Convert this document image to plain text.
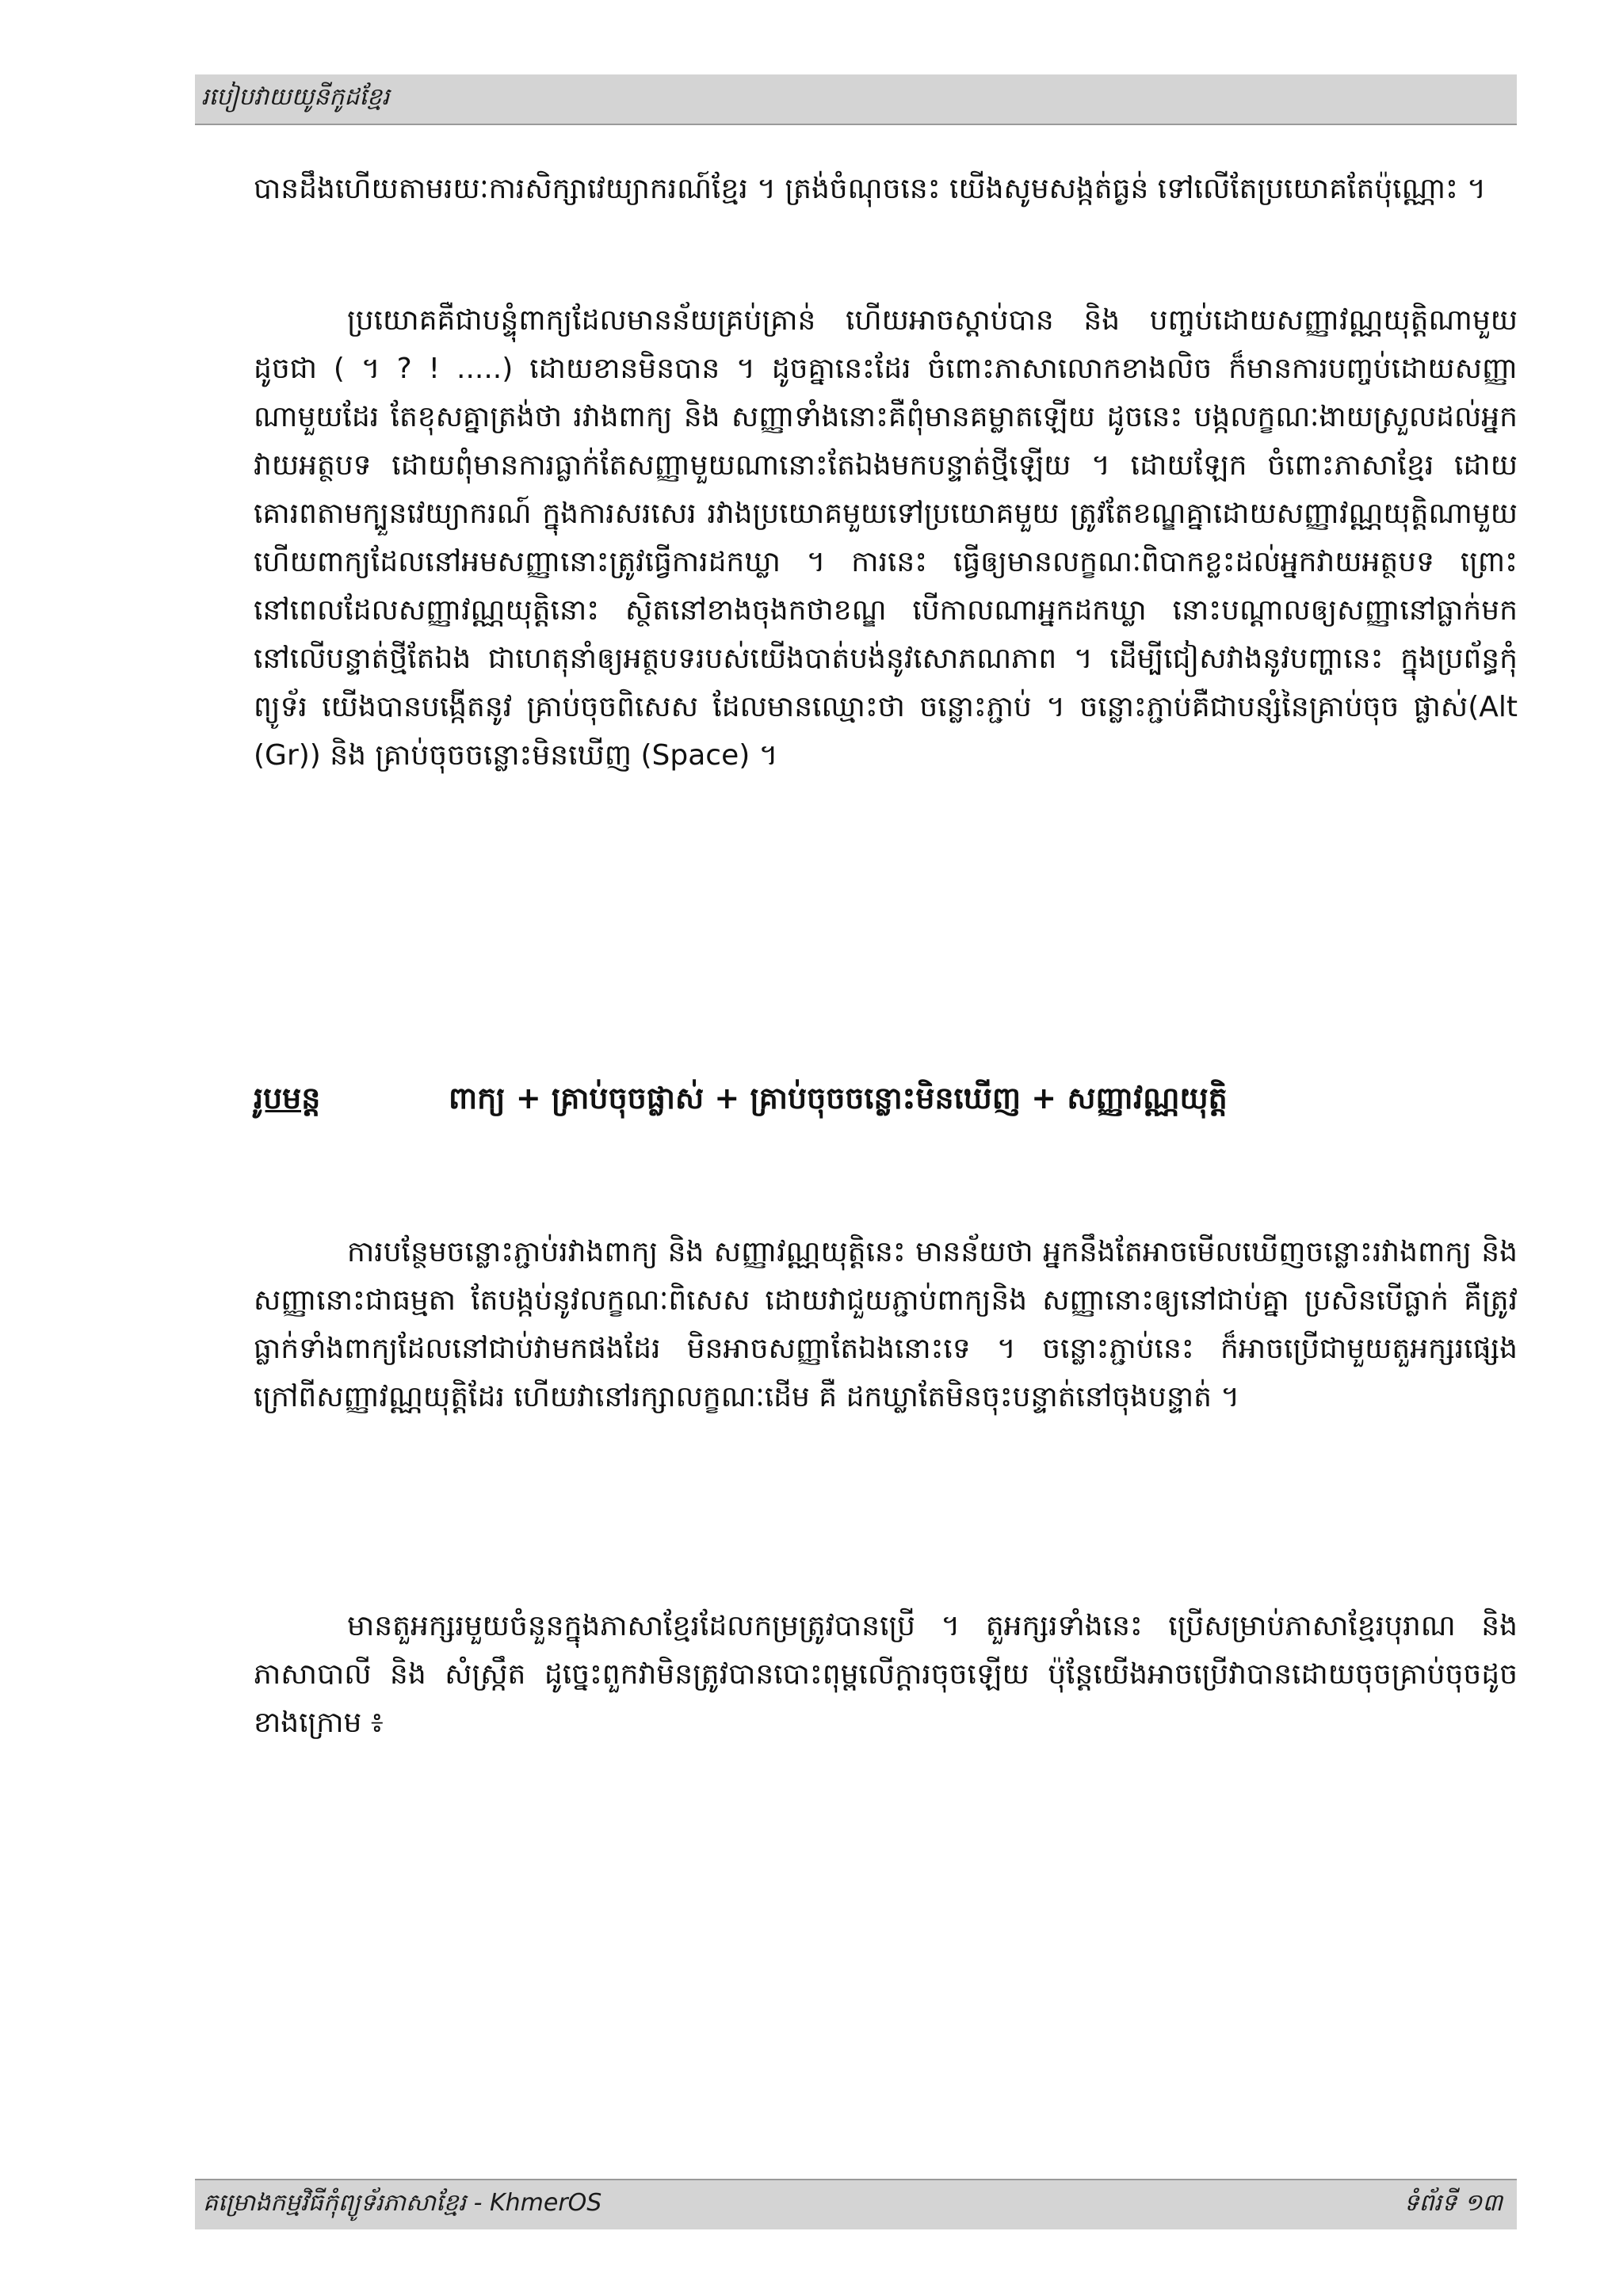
របៀបវាយយូនីកូដខ្មែរ

បានដឹងហើយតាមរយៈការសិក្សាវេយ្យាករណ៍ខ្មែរ ។ ត្រង់ចំណុចនេះ យើងសូមសង្កត់ធ្ងន់ ទៅលើតែប្រយោគតែប៉ុណ្ណោះ ។

ប្រយោគគឺជាបន្ទុំពាក្យដែលមានន័យគ្រប់គ្រាន់ ហើយអាចស្តាប់បាន និង បញ្ចប់ដោយសញ្ញាវណ្ណយុត្តិណាមួយដូចជា ( ។ ? ! .....) ដោយខានមិនបាន ។ ដូចគ្នានេះដែរ ចំពោះភាសាលោកខាងលិច ក៏មានការបញ្ចប់ដោយសញ្ញាណាមួយដែរ តែខុសគ្នាត្រង់ថា រវាងពាក្យ និង សញ្ញាទាំងនោះគឺពុំមានគម្លាតឡើយ ដូចនេះ បង្កលក្ខណៈងាយស្រួលដល់អ្នកវាយអត្ថបទ ដោយពុំមានការធ្លាក់តែសញ្ញាមួយណានោះតែឯងមកបន្ទាត់ថ្មីឡើយ ។ ដោយឡែក ចំពោះភាសាខ្មែរ ដោយគោរពតាមក្បួនវេយ្យាករណ៍ ក្នុងការសរសេរ រវាងប្រយោគមួយទៅប្រយោគមួយ ត្រូវតែខណ្ឌគ្នាដោយសញ្ញាវណ្ណយុត្តិណាមួយ ហើយពាក្យដែលនៅអមសញ្ញានោះត្រូវធ្វើការដកឃ្លា ។ ការនេះ ធ្វើឲ្យមានលក្ខណៈពិបាកខ្លះដល់អ្នកវាយអត្ថបទ ព្រោះនៅពេលដែលសញ្ញាវណ្ណយុត្តិនោះ ស្ថិតនៅខាងចុងកថាខណ្ឌ បើកាលណាអ្នកដកឃ្លា នោះបណ្តាលឲ្យសញ្ញានៅធ្លាក់មកនៅលើបន្ទាត់ថ្មីតែឯង ជាហេតុនាំឲ្យអត្ថបទរបស់យើងបាត់បង់នូវសោភណភាព ។ ដើម្បីជៀសវាងនូវបញ្ហានេះ ក្នុងប្រព័ន្ធកុំព្យូទ័រ យើងបានបង្កើតនូវ គ្រាប់ចុចពិសេស ដែលមានឈ្មោះថា ចន្លោះភ្ជាប់ ។ ចន្លោះភ្ជាប់គឺជាបន្សំនៃគ្រាប់ចុច ផ្លាស់(Alt (Gr)) និង គ្រាប់ចុចចន្លោះមិនឃើញ (Space) ។

រូបមន្ត	ពាក្យ + គ្រាប់ចុចផ្លាស់ + គ្រាប់ចុចចន្លោះមិនឃើញ + សញ្ញាវណ្ណយុត្តិ

ការបន្ថែមចន្លោះភ្ជាប់រវាងពាក្យ និង សញ្ញាវណ្ណយុត្តិនេះ មានន័យថា អ្នកនឹងតែអាចមើលឃើញចន្លោះរវាងពាក្យ និង សញ្ញានោះជាធម្មតា តែបង្កប់នូវលក្ខណៈពិសេស ដោយវាជួយភ្ជាប់ពាក្យនិង សញ្ញានោះឲ្យនៅជាប់គ្នា ប្រសិនបើធ្លាក់ គឺត្រូវធ្លាក់ទាំងពាក្យដែលនៅជាប់វាមកផងដែរ មិនអាចសញ្ញាតែឯងនោះទេ ។ ចន្លោះភ្ជាប់នេះ ក៏អាចប្រើជាមួយតួអក្សរផ្សេង ក្រៅពីសញ្ញាវណ្ណយុត្តិដែរ ហើយវានៅរក្សាលក្ខណៈដើម គឺ ដកឃ្លាតែមិនចុះបន្ទាត់នៅចុងបន្ទាត់ ។

មានតួអក្សរមួយចំនួនក្នុងភាសាខ្មែរដែលកម្រត្រូវបានប្រើ ។ តួអក្សរទាំងនេះ ប្រើសម្រាប់ភាសាខ្មែរបុរាណ និង ភាសាបាលី និង សំស្ក្រឹត ដូច្នេះពួកវាមិនត្រូវបានបោះពុម្ពលើក្តារចុចឡើយ ប៉ុន្តែយើងអាចប្រើវាបានដោយចុចគ្រាប់ចុចដូចខាងក្រោម ៖

គម្រោងកម្មវិធីកុំព្យូទ័រភាសាខ្មែរ - KhmerOS	ទំព័រទី ១៣
